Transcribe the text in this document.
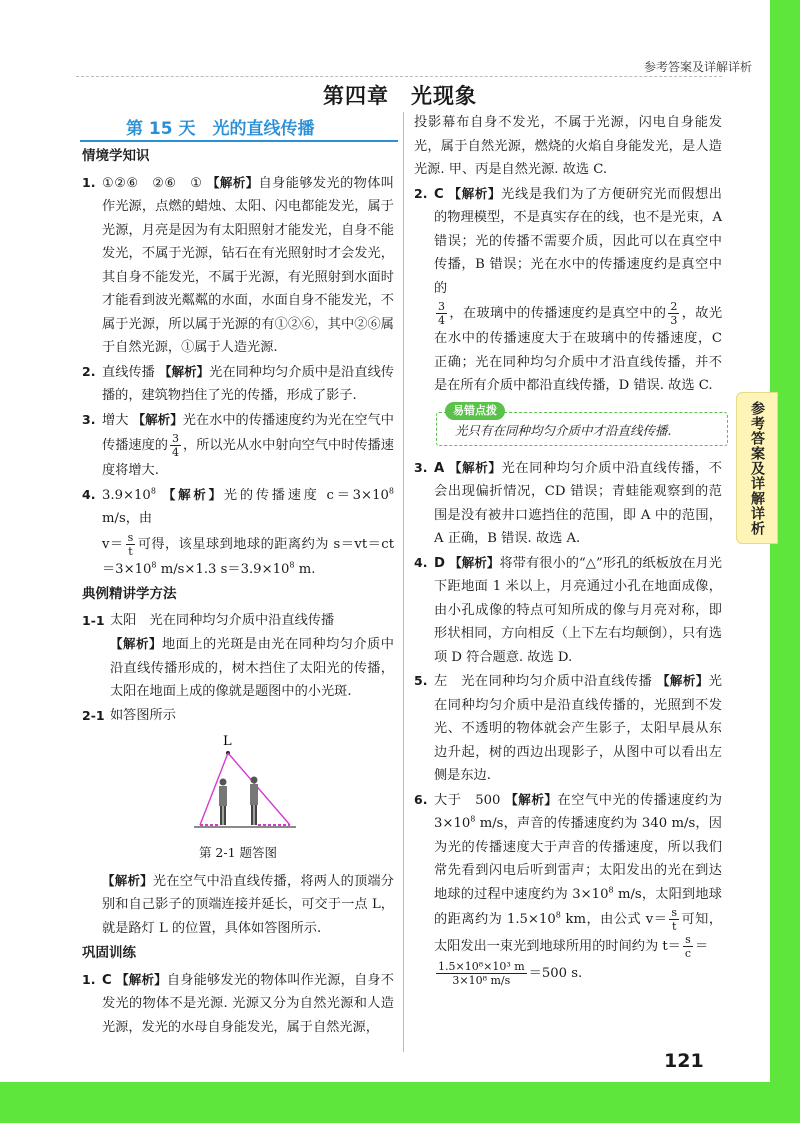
参考答案及详解详析
第四章　光现象
第 15 天　光的直线传播
情境学知识
1. ①②⑥　②⑥　① 【解析】自身能够发光的物体叫作光源，点燃的蜡烛、太阳、闪电都能发光，属于光源，月亮是因为有太阳照射才能发光，自身不能发光，不属于光源，钻石在有光照射时才会发光，其自身不能发光，不属于光源，有光照射到水面时才能看到波光粼粼的水面，水面自身不能发光，不属于光源，所以属于光源的有①②⑥，其中②⑥属于自然光源，①属于人造光源.
2. 直线传播 【解析】光在同种均匀介质中是沿直线传播的，建筑物挡住了光的传播，形成了影子.
3. 增大 【解析】光在水中的传播速度约为光在空气中传播速度的 $\frac{3}{4}$ ，所以光从水中射向空气中时传播速度将增大.
4. $3.9\times 10^8$ 【解析】光的传播速度 $c=3\times 10^8$ m/s，由
$v= \frac{s}{t}$ 可得，该星球到地球的距离约为 $s=vt=ct=3\times 10^8$ m/s×1.3 $s=3.9\times 10^8$ m.
典例精讲学方法
1-1 太阳　光在同种均匀介质中沿直线传播
【解析】地面上的光斑是由光在同种均匀介质中沿直线传播形成的，树木挡住了太阳光的传播，太阳在地面上成的像就是题图中的小光斑.
2-1 如答图所示
L
第 2-1 题答图
【解析】光在空气中沿直线传播，将两人的顶端分别和自己影子的顶端连接并延长，可交于一点 L，就是路灯 L 的位置，具体如答图所示.
巩固训练
1. C 【解析】自身能够发光的物体叫作光源，自身不发光的物体不是光源. 光源又分为自然光源和人造光源，发光的水母自身能发光，属于自然光源，
投影幕布自身不发光，不属于光源，闪电自身能发光，属于自然光源，燃烧的火焰自身能发光，是人造光源. 甲、丙是自然光源. 故选 C.
2. C 【解析】光线是我们为了方便研究光而假想出的物理模型，不是真实存在的线，也不是光束，A 错误；光的传播不需要介质，因此可以在真空中传播，B 错误；光在水中的传播速度约是真空中的

$\frac{3}{4}$ ，在玻璃中的传播速度约是真空中的 $\frac{2}{3}$ ，故光在水中的传播速度大于在玻璃中的传播速度，C 正确；光在同种均匀介质中才沿直线传播，并不是在所有介质中都沿直线传播，D 错误. 故选 C.
易错点拨
光只有在同种均匀介质中才沿直线传播.
3. A 【解析】光在同种均匀介质中沿直线传播，不会出现偏折情况，CD 错误；青蛙能观察到的范围是没有被井口遮挡住的范围，即 A 中的范围，A 正确，B 错误. 故选 A.
4. D 【解析】将带有很小的“△”形孔的纸板放在月光下距地面 1 米以上，月亮通过小孔在地面成像，由小孔成像的特点可知所成的像与月亮对称，即形状相同，方向相反（上下左右均颠倒），只有选项 D 符合题意. 故选 D.
5. 左　光在同种均匀介质中沿直线传播 【解析】光在同种均匀介质中是沿直线传播的，光照到不发光、不透明的物体就会产生影子，太阳早晨从东边升起，树的西边出现影子，从图中可以看出左侧是东边.
6. 大于　500 【解析】在空气中光的传播速度约为 $3\times 10^8$ m/s，声音的传播速度约为 340 m/s，因为光的传播速度大于声音的传播速度，所以我们常先看到闪电后听到雷声；太阳发出的光在到达地球的过程中速度约为 $3\times 10^8$ m/s，太阳到地球的距离约为 $1.5\times 10^8$ km，由公式 $v= \frac{s}{t}$ 可知，太阳发出一束光到地球所用的时间约为 $t= \frac{s}{c}$ ＝

$\frac{\text{1.5×10⁸×10³ m}}{\text{3×10⁸ m/s}} =500$ s.
参考答案及详解详析
121
